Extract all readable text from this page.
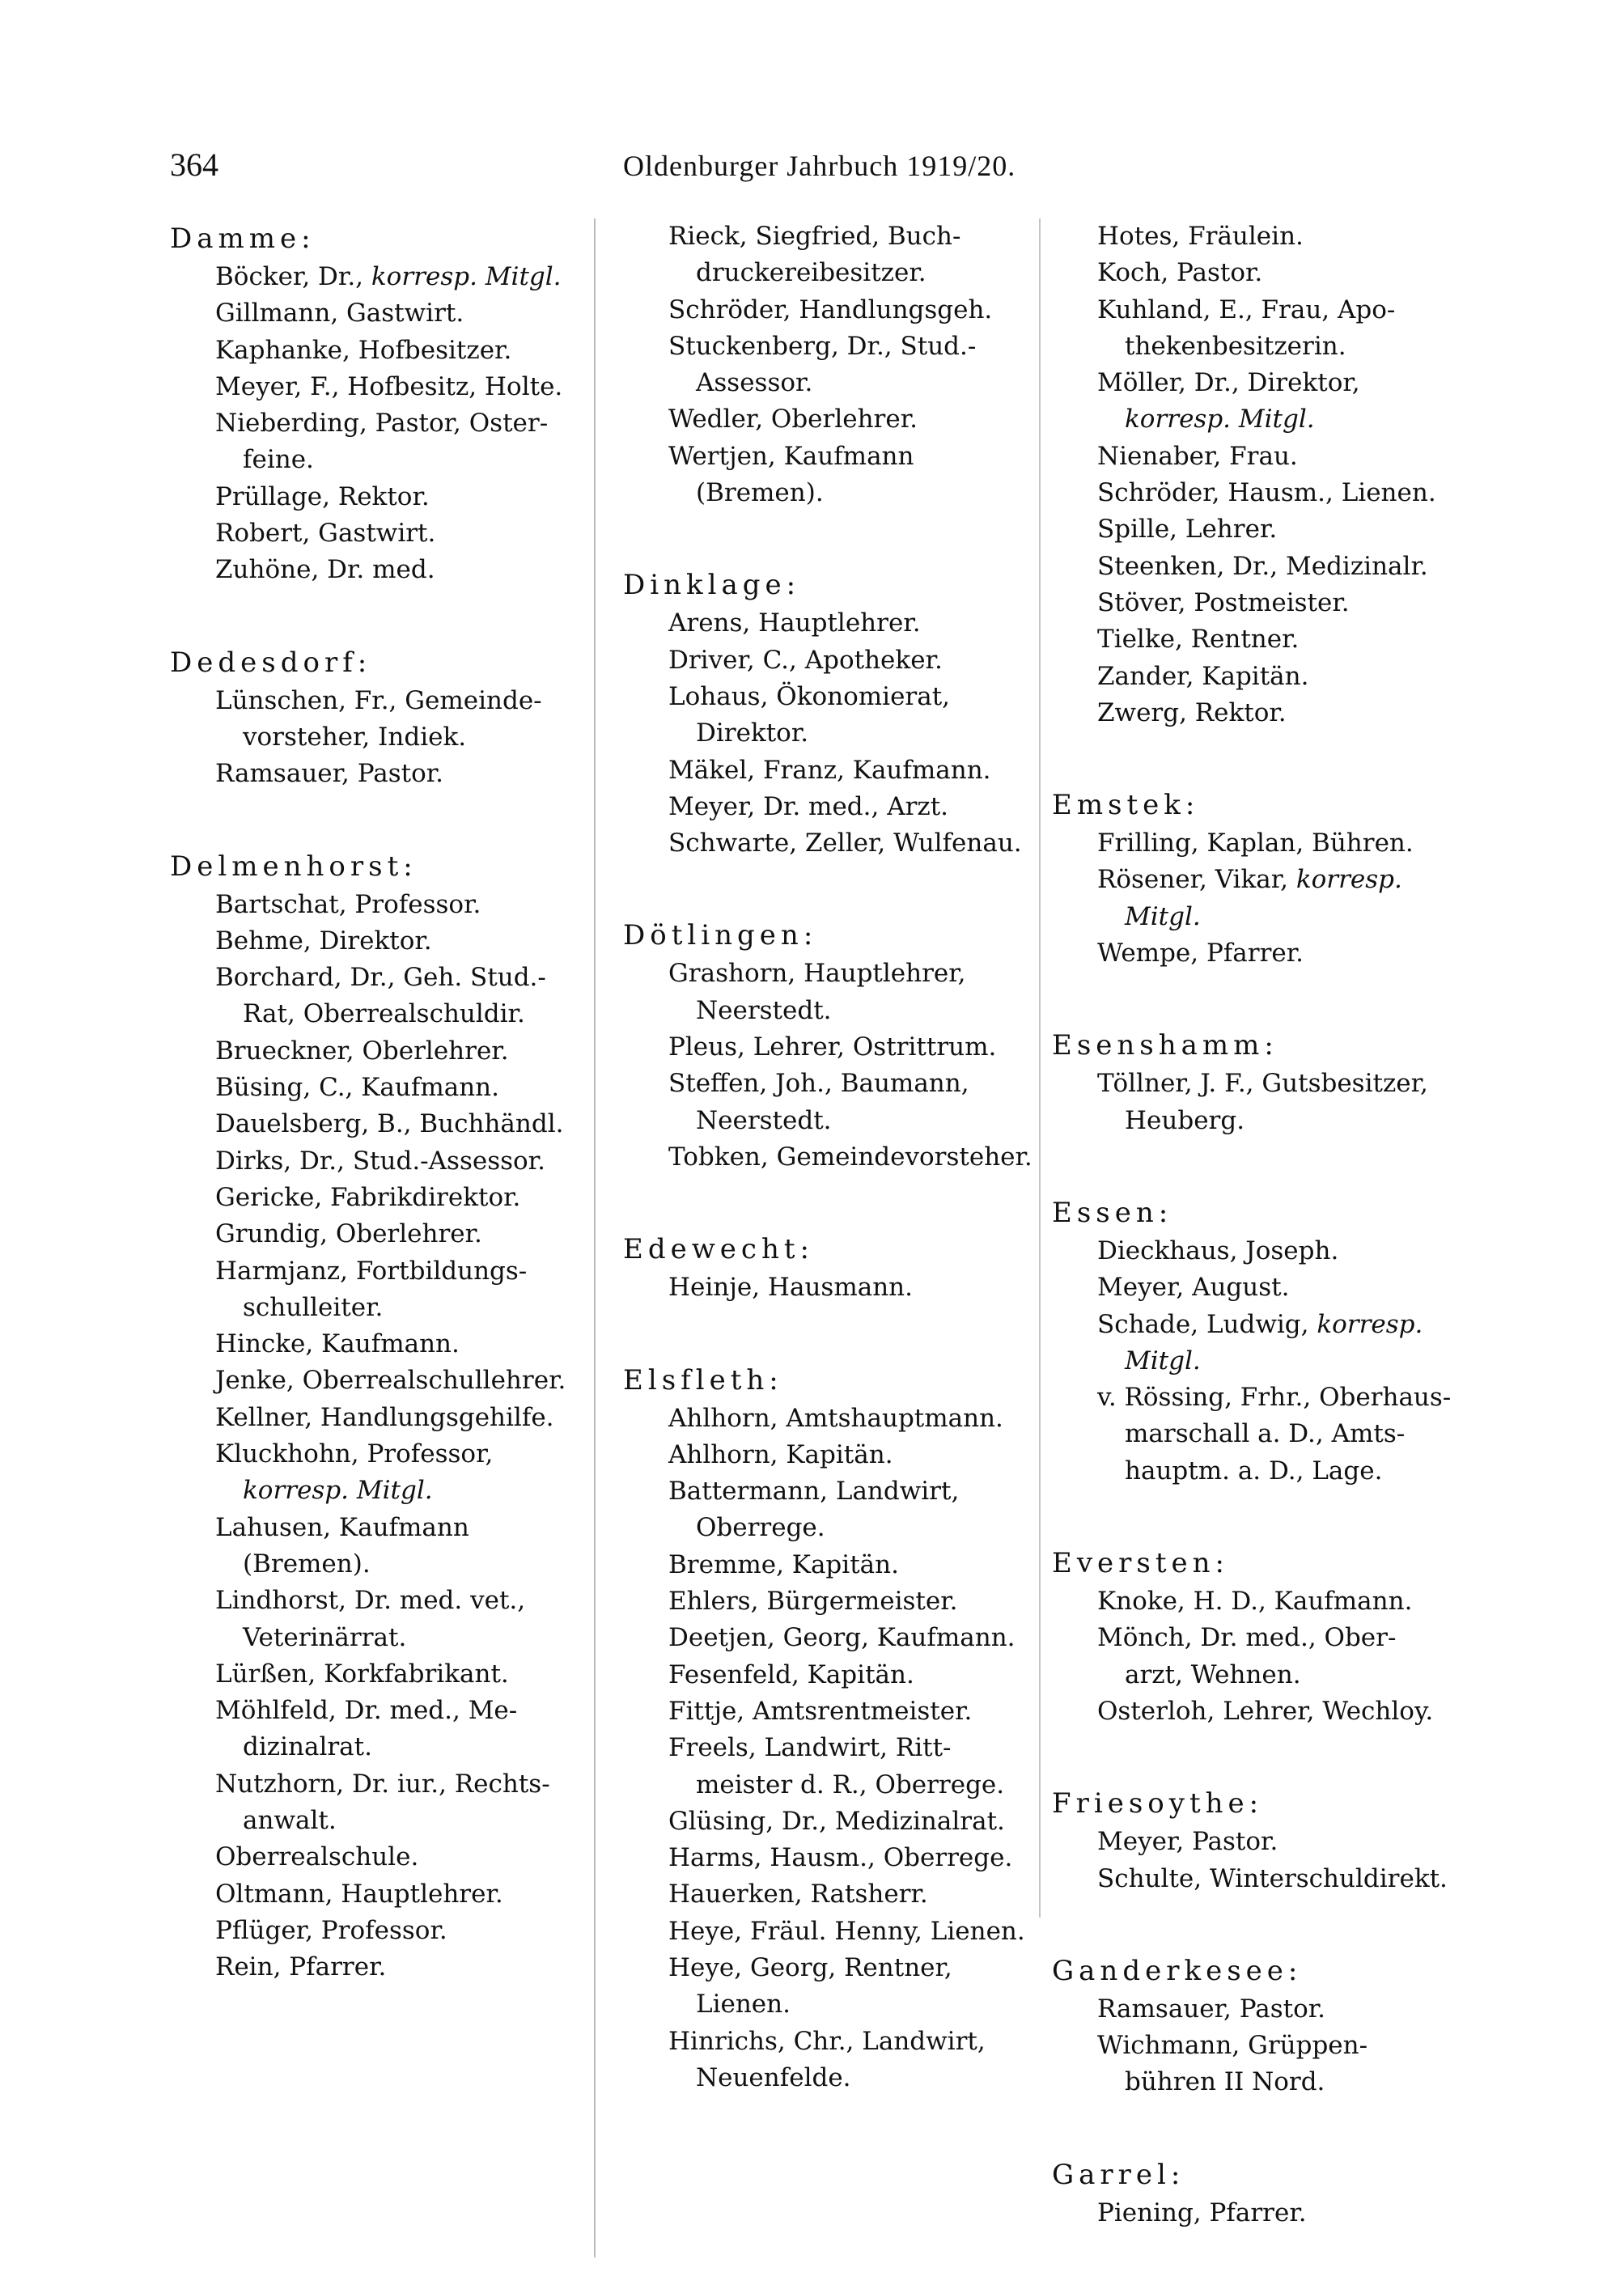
364	Oldenburger Jahrbuch 1919/20.
Damme:
Böcker, Dr., korresp. Mitgl.
Gillmann, Gastwirt.
Kaphanke, Hofbesitzer.
Meyer, F., Hofbesitz, Holte.
Nieberding, Pastor, Oster-
feine.
Prüllage, Rektor.
Robert, Gastwirt.
Zuhöne, Dr. med.
Dedesdorf:
Lünschen, Fr., Gemeinde-
vorsteher, Indiek.
Ramsauer, Pastor.
Delmenhorst:
Bartschat, Professor.
Behme, Direktor.
Borchard, Dr., Geh. Stud.-
Rat, Oberrealschuldir.
Brueckner, Oberlehrer.
Büsing, C., Kaufmann.
Dauelsberg, B., Buchhändl.
Dirks, Dr., Stud.-Assessor.
Gericke, Fabrikdirektor.
Grundig, Oberlehrer.
Harmjanz, Fortbildungs-
schulleiter.
Hincke, Kaufmann.
Jenke, Oberrealschullehrer.
Kellner, Handlungsgehilfe.
Kluckhohn, Professor,
korresp. Mitgl.
Lahusen, Kaufmann
(Bremen).
Lindhorst, Dr. med. vet.,
Veterinärrat.
Lürßen, Korkfabrikant.
Möhlfeld, Dr. med., Me-
dizinalrat.
Nutzhorn, Dr. iur., Rechts-
anwalt.
Oberrealschule.
Oltmann, Hauptlehrer.
Pflüger, Professor.
Rein, Pfarrer.
Rieck, Siegfried, Buch-
druckereibesitzer.
Schröder, Handlungsgeh.
Stuckenberg, Dr., Stud.-
Assessor.
Wedler, Oberlehrer.
Wertjen, Kaufmann
(Bremen).
Dinklage:
Arens, Hauptlehrer.
Driver, C., Apotheker.
Lohaus, Ökonomierat,
Direktor.
Mäkel, Franz, Kaufmann.
Meyer, Dr. med., Arzt.
Schwarte, Zeller, Wulfenau.
Dötlingen:
Grashorn, Hauptlehrer,
Neerstedt.
Pleus, Lehrer, Ostrittrum.
Steffen, Joh., Baumann,
Neerstedt.
Tobken, Gemeindevorsteher.
Edewecht:
Heinje, Hausmann.
Elsfleth:
Ahlhorn, Amtshauptmann.
Ahlhorn, Kapitän.
Battermann, Landwirt,
Oberrege.
Bremme, Kapitän.
Ehlers, Bürgermeister.
Deetjen, Georg, Kaufmann.
Fesenfeld, Kapitän.
Fittje, Amtsrentmeister.
Freels, Landwirt, Ritt-
meister d. R., Oberrege.
Glüsing, Dr., Medizinalrat.
Harms, Hausm., Oberrege.
Hauerken, Ratsherr.
Heye, Fräul. Henny, Lienen.
Heye, Georg, Rentner,
Lienen.
Hinrichs, Chr., Landwirt,
Neuenfelde.
Hotes, Fräulein.
Koch, Pastor.
Kuhland, E., Frau, Apo-
thekenbesitzerin.
Möller, Dr., Direktor,
korresp. Mitgl.
Nienaber, Frau.
Schröder, Hausm., Lienen.
Spille, Lehrer.
Steenken, Dr., Medizinalr.
Stöver, Postmeister.
Tielke, Rentner.
Zander, Kapitän.
Zwerg, Rektor.
Emstek:
Frilling, Kaplan, Bühren.
Rösener, Vikar, korresp.
Mitgl.
Wempe, Pfarrer.
Esenshamm:
Töllner, J. F., Gutsbesitzer,
Heuberg.
Essen:
Dieckhaus, Joseph.
Meyer, August.
Schade, Ludwig, korresp.
Mitgl.
v. Rössing, Frhr., Oberhaus-
marschall a. D., Amts-
hauptm. a. D., Lage.
Eversten:
Knoke, H. D., Kaufmann.
Mönch, Dr. med., Ober-
arzt, Wehnen.
Osterloh, Lehrer, Wechloy.
Friesoythe:
Meyer, Pastor.
Schulte, Winterschuldirekt.
Ganderkesee:
Ramsauer, Pastor.
Wichmann, Grüppen-
bühren II Nord.
Garrel:
Piening, Pfarrer.
